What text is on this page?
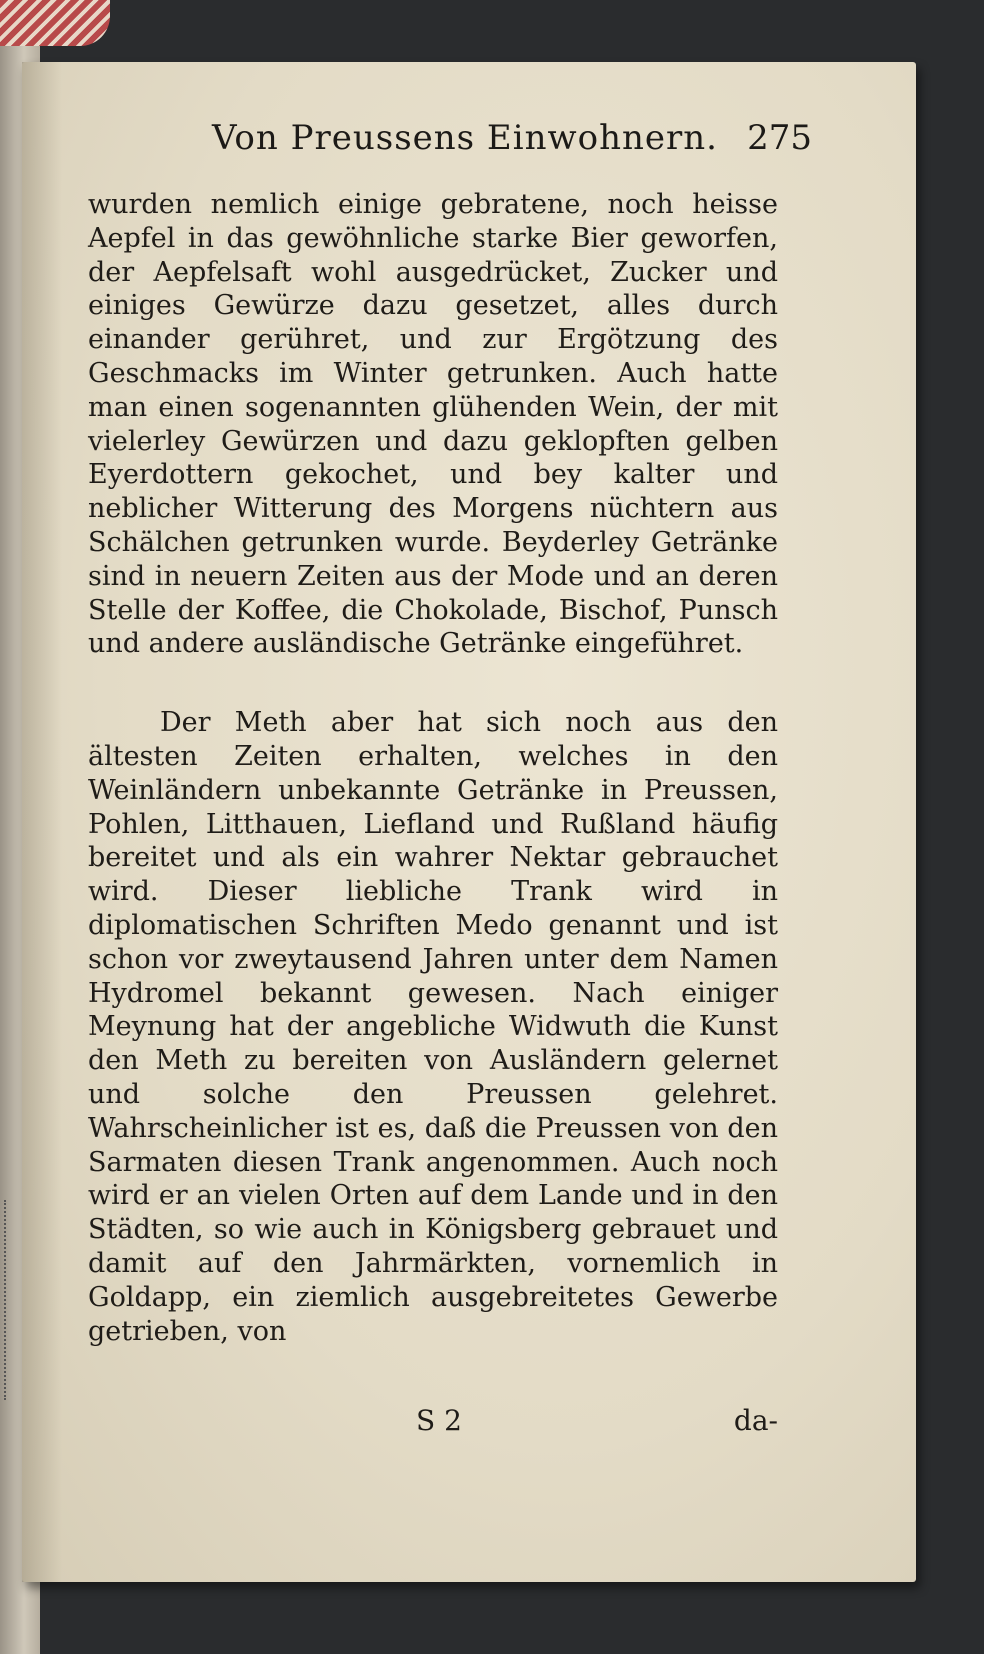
Von Preussens Einwohnern. 275

wurden nemlich einige gebratene, noch heisse Aepfel in das gewöhnliche starke Bier geworfen, der Aepfelsaft wohl ausgedrücket, Zucker und einiges Gewürze dazu gesetzet, alles durch einander gerühret, und zur Ergötzung des Geschmacks im Winter getrunken. Auch hatte man einen sogenannten glühenden Wein, der mit vielerley Gewürzen und dazu geklopften gelben Eyerdottern gekochet, und bey kalter und neblicher Witterung des Morgens nüchtern aus Schälchen getrunken wurde. Beyderley Getränke sind in neuern Zeiten aus der Mode und an deren Stelle der Koffee, die Chokolade, Bischof, Punsch und andere ausländische Getränke eingeführet.

Der Meth aber hat sich noch aus den ältesten Zeiten erhalten, welches in den Weinländern unbekannte Getränke in Preussen, Pohlen, Litthauen, Liefland und Rußland häufig bereitet und als ein wahrer Nektar gebrauchet wird. Dieser liebliche Trank wird in diplomatischen Schriften Medo genannt und ist schon vor zweytausend Jahren unter dem Namen Hydromel bekannt gewesen. Nach einiger Meynung hat der angebliche Widwuth die Kunst den Meth zu bereiten von Ausländern gelernet und solche den Preussen gelehret. Wahrscheinlicher ist es, daß die Preussen von den Sarmaten diesen Trank angenommen. Auch noch wird er an vielen Orten auf dem Lande und in den Städten, so wie auch in Königsberg gebrauet und damit auf den Jahrmärkten, vornemlich in Goldapp, ein ziemlich ausgebreitetes Gewerbe getrieben, von

S 2	da-
